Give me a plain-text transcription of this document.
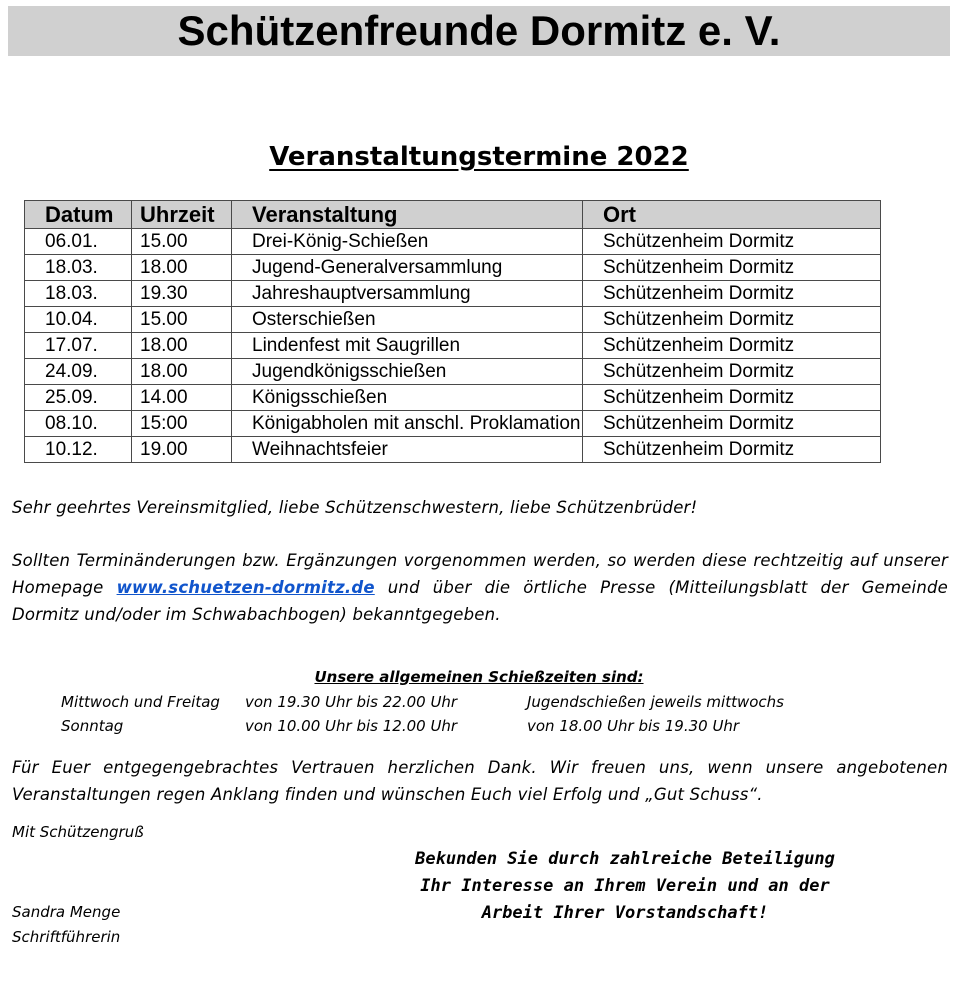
Schützenfreunde Dormitz e. V.
Veranstaltungstermine 2022
Datum	Uhrzeit	Veranstaltung	Ort
06.01.	15.00	Drei-König-Schießen	Schützenheim Dormitz
18.03.	18.00	Jugend-Generalversammlung	Schützenheim Dormitz
18.03.	19.30	Jahreshauptversammlung	Schützenheim Dormitz
10.04.	15.00	Osterschießen	Schützenheim Dormitz
17.07.	18.00	Lindenfest mit Saugrillen	Schützenheim Dormitz
24.09.	18.00	Jugendkönigsschießen	Schützenheim Dormitz
25.09.	14.00	Königsschießen	Schützenheim Dormitz
08.10.	15:00	Königabholen mit anschl. Proklamation	Schützenheim Dormitz
10.12.	19.00	Weihnachtsfeier	Schützenheim Dormitz
Sehr geehrtes Vereinsmitglied, liebe Schützenschwestern, liebe Schützenbrüder!
Sollten Terminänderungen bzw. Ergänzungen vorgenommen werden, so werden diese rechtzeitig auf unserer Homepage www.schuetzen-dormitz.de und über die örtliche Presse (Mitteilungsblatt der Gemeinde Dormitz und/oder im Schwabachbogen) bekanntgegeben.
Unsere allgemeinen Schießzeiten sind:
Mittwoch und Freitag von 19.30 Uhr bis 22.00 Uhr	Jugendschießen jeweils mittwochs
Sonntag	von 10.00 Uhr bis 12.00 Uhr	von 18.00 Uhr bis 19.30 Uhr
Für Euer entgegengebrachtes Vertrauen herzlichen Dank. Wir freuen uns, wenn unsere angebotenen Veranstaltungen regen Anklang finden und wünschen Euch viel Erfolg und „Gut Schuss“.
Mit Schützengruß
Bekunden Sie durch zahlreiche Beteiligung
Ihr Interesse an Ihrem Verein und an der
Arbeit Ihrer Vorstandschaft!
Sandra Menge
Schriftführerin
